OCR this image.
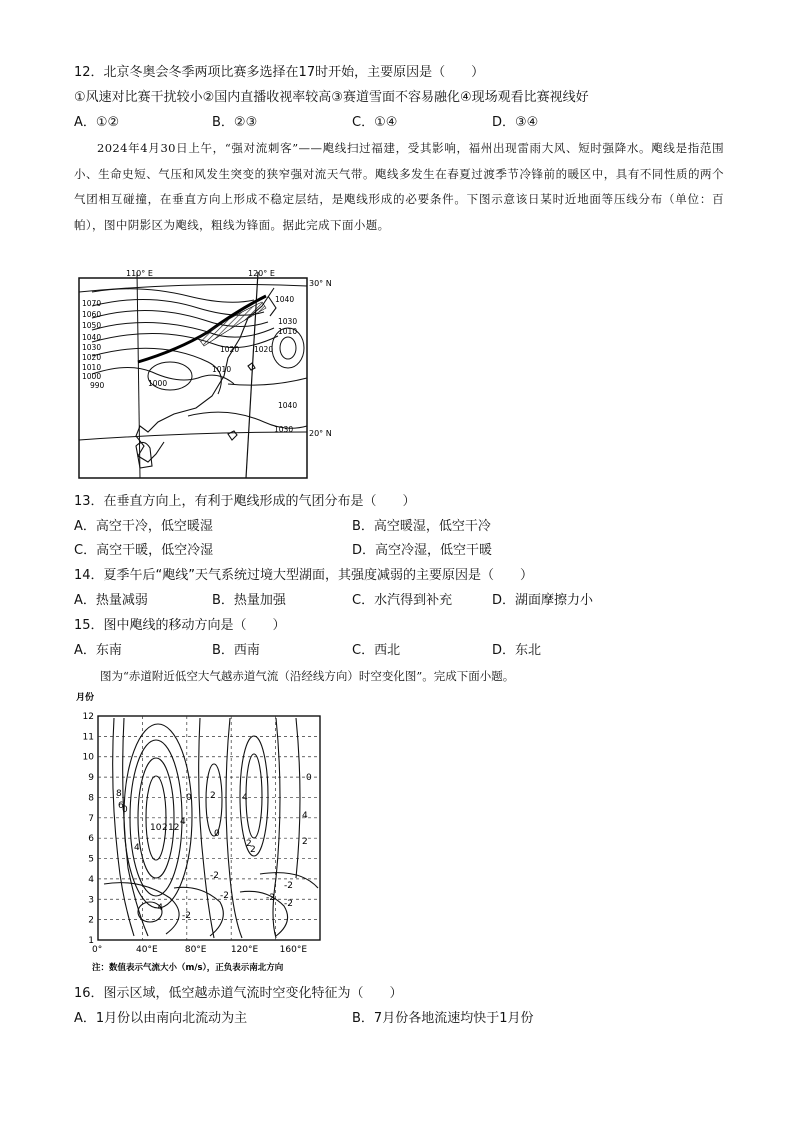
12．北京冬奥会冬季两项比赛多选择在17时开始，主要原因是（　　）
①风速对比赛干扰较小②国内直播收视率较高③赛道雪面不容易融化④现场观看比赛视线好
A．①②	B．②③	C．①④	D．③④

2024年4月30日上午，“强对流刺客”——飑线扫过福建，受其影响，福州出现雷雨大风、短时强降水。飑线是指范围小、生命史短、气压和风发生突变的狭窄强对流天气带。飑线多发生在春夏过渡季节冷锋前的暖区中，具有不同性质的两个气团相互碰撞，在垂直方向上形成不稳定层结，是飑线形成的必要条件。下图示意该日某时近地面等压线分布（单位：百帕），图中阴影区为飑线，粗线为锋面。据此完成下面小题。

110° E	120° E
30° N
20° N
1070
1060
1050
1040
1030
1020
1010
1000
990
1040
1030
1010
1020 1020
1010
1000
1040
1030
13．在垂直方向上，有利于飑线形成的气团分布是（　　）
A．高空干冷，低空暖湿	B．高空暖湿，低空干冷
C．高空干暖，低空冷湿	D．高空冷湿，低空干暖
14．夏季午后“飑线”天气系统过境大型湖面，其强度减弱的主要原因是（　　）
A．热量减弱	B．热量加强	C．水汽得到补充	D．湖面摩擦力小
15．图中飑线的移动方向是（　　）
A．东南	B．西南	C．西北	D．东北
图为“赤道附近低空大气越赤道气流（沿经线方向）时空变化图”。完成下面小题。
月份
12
11
10
9
8
7
6
5
4
3
2
1
0°	40°E	80°E	120°E 160°E
8
6
4
0
10 2 12
0
4
2
0
4
2
2
-2
-2
-2
-2
-4
-2
4
2
0
-2
注：数值表示气流大小（m/s），正负表示南北方向
16．图示区域，低空越赤道气流时空变化特征为（　　）
A．1月份以由南向北流动为主	B．7月份各地流速均快于1月份
